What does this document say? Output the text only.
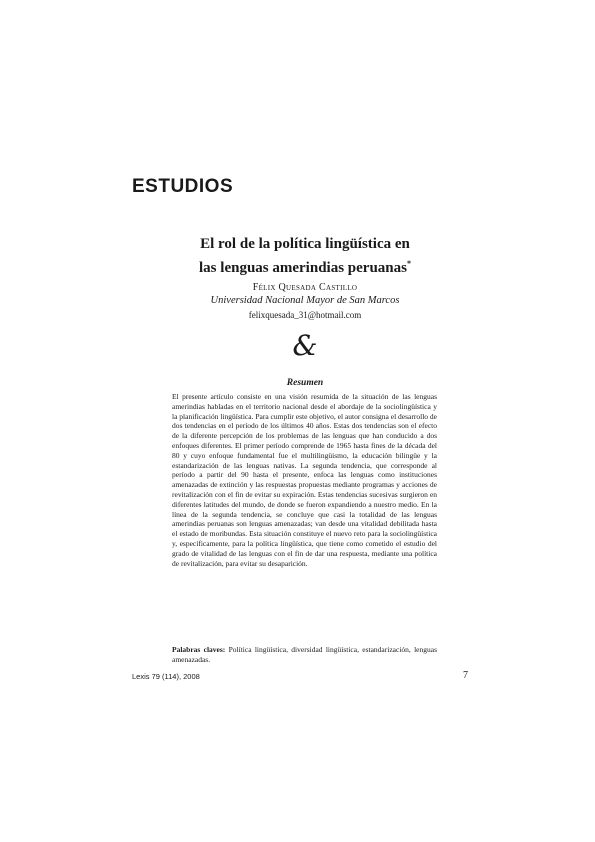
ESTUDIOS
El rol de la política lingüística en
las lenguas amerindias peruanas*

Félix Quesada Castillo

Universidad Nacional Mayor de San Marcos

felixquesada_31@hotmail.com

&

Resumen

El presente artículo consiste en una visión resumida de la situación de las lenguas amerindias habladas en el territorio nacional desde el abordaje de la sociolingüística y la planificación lingüística. Para cumplir este objetivo, el autor consigna el desarrollo de dos tendencias en el período de los últimos 40 años. Estas dos tendencias son el efecto de la diferente percepción de los problemas de las lenguas que han conducido a dos enfoques diferentes. El primer período comprende de 1965 hasta fines de la década del 80 y cuyo enfoque fundamental fue el multilingüismo, la educación bilingüe y la estandarización de las lenguas nativas. La segunda tendencia, que corresponde al período a partir del 90 hasta el presente, enfoca las lenguas como instituciones amenazadas de extinción y las respuestas propuestas mediante programas y acciones de revitalización con el fin de evitar su expiración. Estas tendencias sucesivas surgieron en diferentes latitudes del mundo, de donde se fueron expandiendo a nuestro medio. En la línea de la segunda tendencia, se concluye que casi la totalidad de las lenguas amerindias peruanas son lenguas amenazadas; van desde una vitalidad debilitada hasta el estado de moribundas. Esta situación constituye el nuevo reto para la sociolingüística y, específicamente, para la política lingüística, que tiene como cometido el estudio del grado de vitalidad de las lenguas con el fin de dar una respuesta, mediante una política de revitalización, para evitar su desaparición.

Palabras claves: Política lingüística, diversidad lingüística, estandarización, lenguas amenazadas.

Lexis 79 (114), 2008	7
